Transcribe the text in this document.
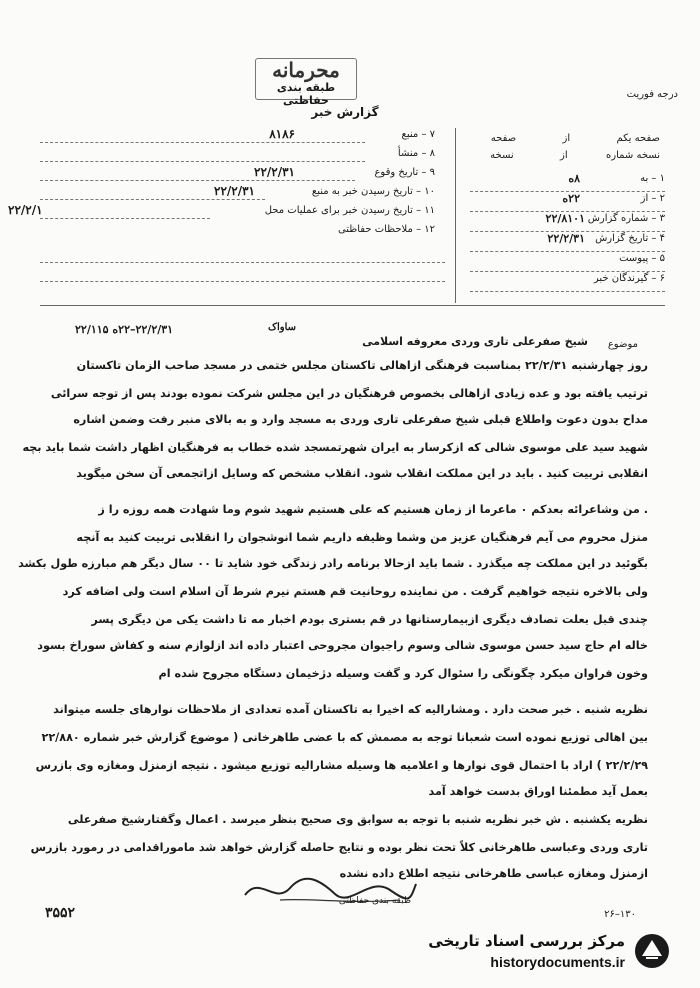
محرمانه
طبقه بندی حفاظتی
گزارش خبر
درجه فوریت
صفحه یکم  از  صفحه
نسخه شماره  از  نسخه
۱ – به
۸ه
۲ – از
۲۲ه
۳ – شماره گزارش
۲۲/۸۱۰۱
۴ – تاریخ گزارش
۲۲/۲/۳۱
۵ – پیوست
۶ – گیرندگان خبر
۷ – منبع
۸۱۸۶
۸ – منشأ
۹ – تاریخ وقوع
۲۲/۲/۳۱
۱۰ – تاریخ رسیدن خبر به منبع
۲۲/۲/۳۱
۱۱ – تاریخ رسیدن خبر برای عملیات محل
۲۲/۲/۱
۱۲ – ملاحظات حفاظتی
موضوع
شیخ صفرعلی تاری وردی معروفه اسلامی
۲۲/۲/۳۱–۲۲ه ۲۲/۱۱۵	ساواک
روز چهارشنبه ۲۲/۲/۳۱ بمناسبت فرهنگی ازاهالی تاکستان مجلس ختمی در مسجد صاحب الزمان تاکستان
ترتیب یافته بود و عده زیادی ازاهالی بخصوص فرهنگیان در این مجلس شرکت نموده بودند پس از توجه سرائی
مداح بدون دعوت واطلاع قبلی شیخ صفرعلی تاری وردی به مسجد وارد و به بالای منبر رفت وضمن اشاره
شهید سید علی موسوی شالی که ازکرسار به ایران شهرتمسجد شده خطاب به فرهنگیان اظهار داشت شما باید بچه
انقلابی تربیت کنید . باید در این مملکت انقلاب شود. انقلاب مشخص که وسایل ازاتجمعی آن سخن میگوید
. من وشاعرائه بعدکم ۰ ماعرما از زمان هستیم که علی هستیم شهید شوم وما شهادت همه روزه را ز
منزل محروم می آیم فرهنگیان عزیز من وشما وظیفه داریم شما انوشجوان را انقلابی تربیت کنید به آنچه
بگوئید در این مملکت چه میگذرد . شما باید ازحالا برنامه رادر زندگی خود شاید تا ۰۰ سال دیگر هم مبارزه طول بکشد
ولی بالاخره نتیجه خواهیم گرفت . من نماینده روحانیت قم هستم نیرم شرط آن اسلام است ولی اضافه کرد
چندی قبل بعلت تصادف دیگری ازبیمارستانها در قم بستری بودم اخبار مه تا داشت یکی من دیگری پسر
خاله ام حاج سید حسن موسوی شالی وسوم راجیوان مجروحی اعتبار داده اند ازلوازم سنه و کفاش سوراخ بسود
وخون فراوان میکرد چگونگی را سئوال کرد و گفت وسیله دژخیمان دستگاه مجروح شده ام
نظریه شنبه . خبر صحت دارد . ومشارالیه که اخیرا به تاکستان آمده تعدادی از ملاحظات نوارهای جلسه میتواند
بین اهالی توزیع نموده است شعبانا توجه به مصمش که با عضی طاهرخانی ( موضوع گزارش خبر شماره ۲۲/۸۸۰
۲۲/۲/۲۹ ) اراد با احتمال قوی نوارها و اعلامیه ها وسیله مشارالیه توزیع میشود . نتیجه ازمنزل ومغازه وی بازرس
بعمل آید مطمئنا اوراق بدست خواهد آمد
نظریه یکشنبه . ش خبر نظریه شنبه با توجه به سوابق وی صحیح بنظر میرسد . اعمال وگفتارشیخ صفرعلی
تاری وردی وعباسی طاهرخانی کلاً تحت نظر بوده و نتایج حاصله گزارش خواهد شد ماموراقدامی در رمورد بازرس
ازمنزل ومغازه عباسی طاهرخانی نتیجه اطلاع داده نشده
طبقه بندی حفاظتی
۳۵۵۲	۲۶–۱۳۰
مرکز بررسی اسناد تاریخی
historydocuments.ir
